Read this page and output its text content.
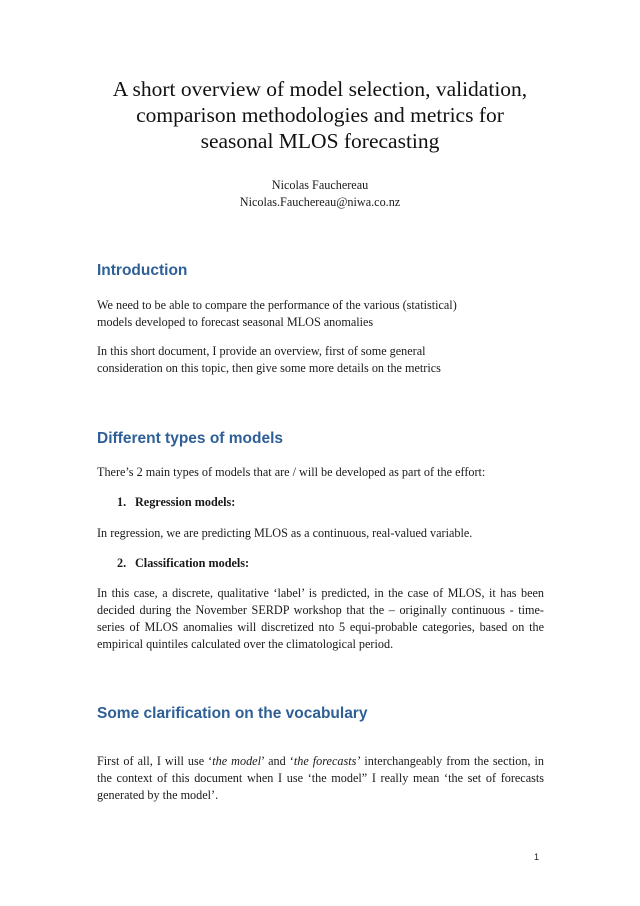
A short overview of model selection, validation,
comparison methodologies and metrics for
seasonal MLOS forecasting
Nicolas Fauchereau
Nicolas.Fauchereau@niwa.co.nz
Introduction

We need to be able to compare the performance of the various (statistical)
models developed to forecast seasonal MLOS anomalies

In this short document, I provide an overview, first of some general
consideration on this topic, then give some more details on the metrics

Different types of models

There’s 2 main types of models that are / will be developed as part of the effort:

1. Regression models:

In regression, we are predicting MLOS as a continuous, real-valued variable.

2. Classification models:

In this case, a discrete, qualitative ‘label’ is predicted, in the case of MLOS, it has been decided during the November SERDP workshop that the – originally continuous - time-series of MLOS anomalies will discretized nto 5 equi-probable categories, based on the empirical quintiles calculated over the climatological period.

Some clarification on the vocabulary

First of all, I will use ‘the model’ and ‘the forecasts’ interchangeably from the section, in the context of this document when I use ‘the model” I really mean ‘the set of forecasts generated by the model’.

1
